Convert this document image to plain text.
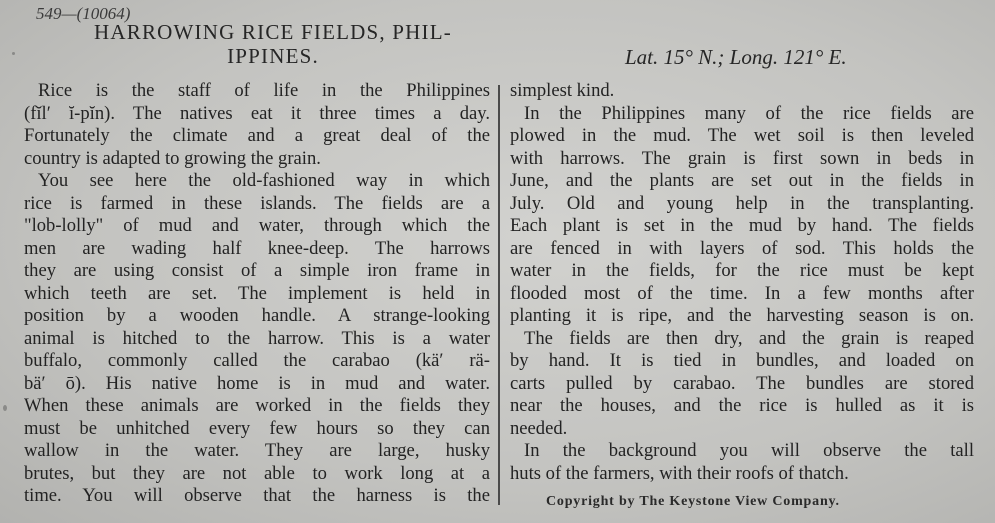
549—(10064)
HARROWING RICE FIELDS, PHIL-
IPPINES.	Lat. 15° N.; Long. 121° E.
Rice is the staff of life in the Philippines
(fĭl′ ĭ-pĭn). The natives eat it three times a day.
Fortunately the climate and a great deal of the
country is adapted to growing the grain.
You see here the old-fashioned way in which
rice is farmed in these islands. The fields are a
"lob-lolly" of mud and water, through which the
men are wading half knee-deep. The harrows
they are using consist of a simple iron frame in
which teeth are set. The implement is held in
position by a wooden handle. A strange-looking
animal is hitched to the harrow. This is a water
buffalo, commonly called the carabao (kä′ rä-
bä′ ō). His native home is in mud and water.
When these animals are worked in the fields they
must be unhitched every few hours so they can
wallow in the water. They are large, husky
brutes, but they are not able to work long at a
time. You will observe that the harness is the
simplest kind.
In the Philippines many of the rice fields are
plowed in the mud. The wet soil is then leveled
with harrows. The grain is first sown in beds in
June, and the plants are set out in the fields in
July. Old and young help in the transplanting.
Each plant is set in the mud by hand. The fields
are fenced in with layers of sod. This holds the
water in the fields, for the rice must be kept
flooded most of the time. In a few months after
planting it is ripe, and the harvesting season is on.
The fields are then dry, and the grain is reaped
by hand. It is tied in bundles, and loaded on
carts pulled by carabao. The bundles are stored
near the houses, and the rice is hulled as it is
needed.
In the background you will observe the tall
huts of the farmers, with their roofs of thatch.
Copyright by The Keystone View Company.
